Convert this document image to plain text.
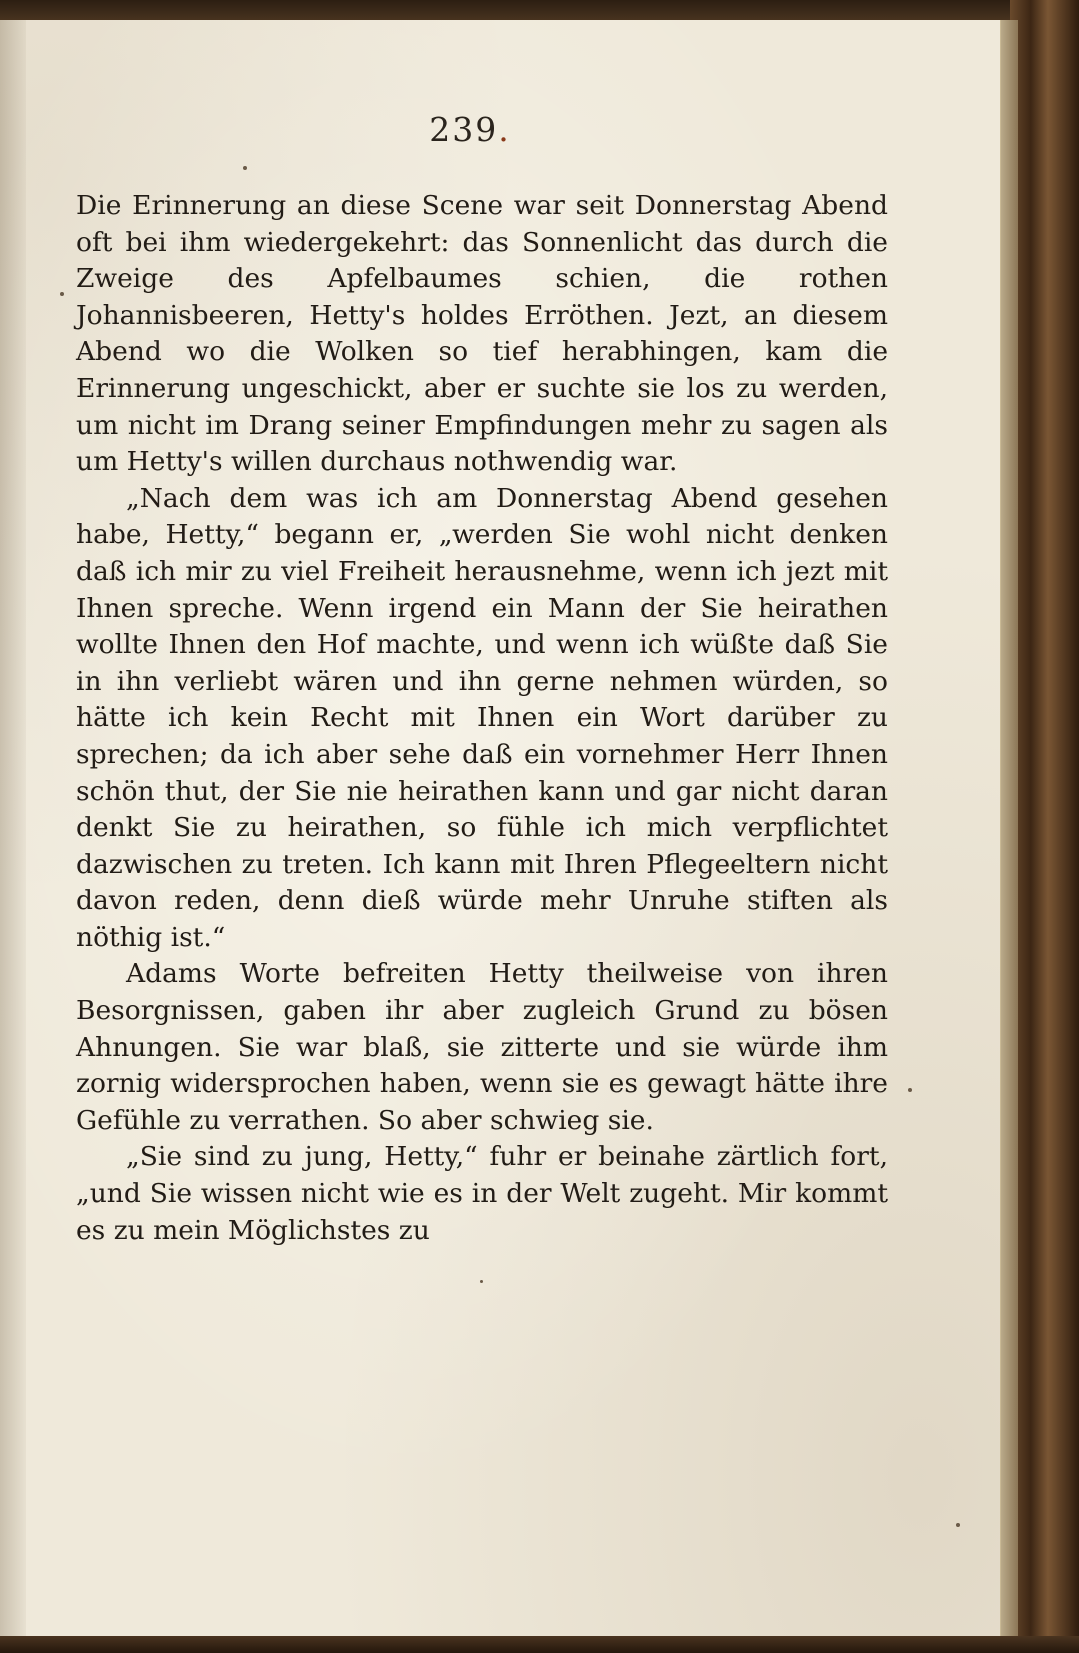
239.

Die Erinnerung an diese Scene war seit Donnerstag Abend oft bei ihm wiedergekehrt: das Sonnenlicht das durch die Zweige des Apfelbaumes schien, die rothen Johannisbeeren, Hetty's holdes Erröthen. Jezt, an diesem Abend wo die Wolken so tief herabhingen, kam die Erinnerung ungeschickt, aber er suchte sie los zu werden, um nicht im Drang seiner Empfindungen mehr zu sagen als um Hetty's willen durchaus nothwendig war.

„Nach dem was ich am Donnerstag Abend gesehen habe, Hetty,“ begann er, „werden Sie wohl nicht denken daß ich mir zu viel Freiheit herausnehme, wenn ich jezt mit Ihnen spreche. Wenn irgend ein Mann der Sie heirathen wollte Ihnen den Hof machte, und wenn ich wüßte daß Sie in ihn verliebt wären und ihn gerne nehmen würden, so hätte ich kein Recht mit Ihnen ein Wort darüber zu sprechen; da ich aber sehe daß ein vornehmer Herr Ihnen schön thut, der Sie nie heirathen kann und gar nicht daran denkt Sie zu heirathen, so fühle ich mich verpflichtet dazwischen zu treten. Ich kann mit Ihren Pflegeeltern nicht davon reden, denn dieß würde mehr Unruhe stiften als nöthig ist.“

Adams Worte befreiten Hetty theilweise von ihren Besorgnissen, gaben ihr aber zugleich Grund zu bösen Ahnungen. Sie war blaß, sie zitterte und sie würde ihm zornig widersprochen haben, wenn sie es gewagt hätte ihre Gefühle zu verrathen. So aber schwieg sie.

„Sie sind zu jung, Hetty,“ fuhr er beinahe zärtlich fort, „und Sie wissen nicht wie es in der Welt zugeht. Mir kommt es zu mein Möglichstes zu
